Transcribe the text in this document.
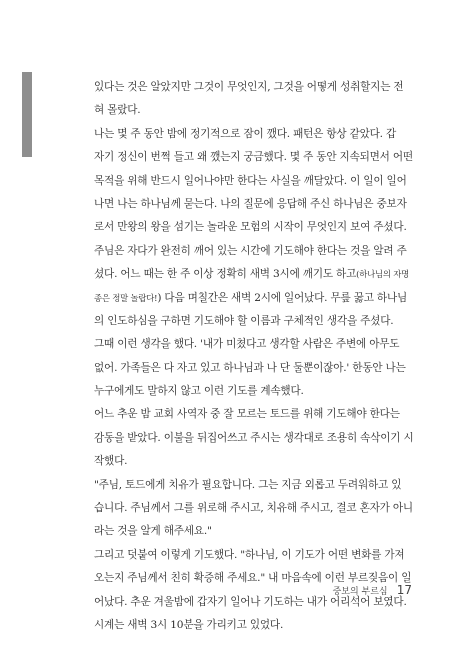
있다는 것은 알았지만 그것이 무엇인지, 그것을 어떻게 성취할지는 전
혀 몰랐다.
나는 몇 주 동안 밤에 정기적으로 잠이 깼다. 패턴은 항상 같았다. 갑
자기 정신이 번쩍 들고 왜 깼는지 궁금했다. 몇 주 동안 지속되면서 어떤
목적을 위해 반드시 일어나야만 한다는 사실을 깨달았다. 이 일이 일어
나면 나는 하나님께 묻는다. 나의 질문에 응답해 주신 하나님은 중보자
로서 만왕의 왕을 섬기는 놀라운 모험의 시작이 무엇인지 보여 주셨다.
주님은 자다가 완전히 깨어 있는 시간에 기도해야 한다는 것을 알려 주
셨다. 어느 때는 한 주 이상 정확히 새벽 3시에 깨기도 하고(하나님의 자명
종은 정말 놀랍다!) 다음 며칠간은 새벽 2시에 일어났다. 무릎 꿇고 하나님
의 인도하심을 구하면 기도해야 할 이름과 구체적인 생각을 주셨다.
그때 이런 생각을 했다. '내가 미쳤다고 생각할 사람은 주변에 아무도
없어. 가족들은 다 자고 있고 하나님과 나 단 둘뿐이잖아.' 한동안 나는
누구에게도 말하지 않고 이런 기도를 계속했다.
어느 추운 밤 교회 사역자 중 잘 모르는 토드를 위해 기도해야 한다는
감동을 받았다. 이불을 뒤집어쓰고 주시는 생각대로 조용히 속삭이기 시
작했다.
"주님, 토드에게 치유가 필요합니다. 그는 지금 외롭고 두려워하고 있
습니다. 주님께서 그를 위로해 주시고, 치유해 주시고, 결코 혼자가 아니
라는 것을 알게 해주세요."
그리고 덧붙여 이렇게 기도했다. "하나님, 이 기도가 어떤 변화를 가져
오는지 주님께서 친히 확증해 주세요." 내 마음속에 이런 부르짖음이 일
어났다. 추운 겨울밤에 갑자기 일어나 기도하는 내가 어리석어 보였다.
시계는 새벽 3시 10분을 가리키고 있었다.
중보의 부르심 17
